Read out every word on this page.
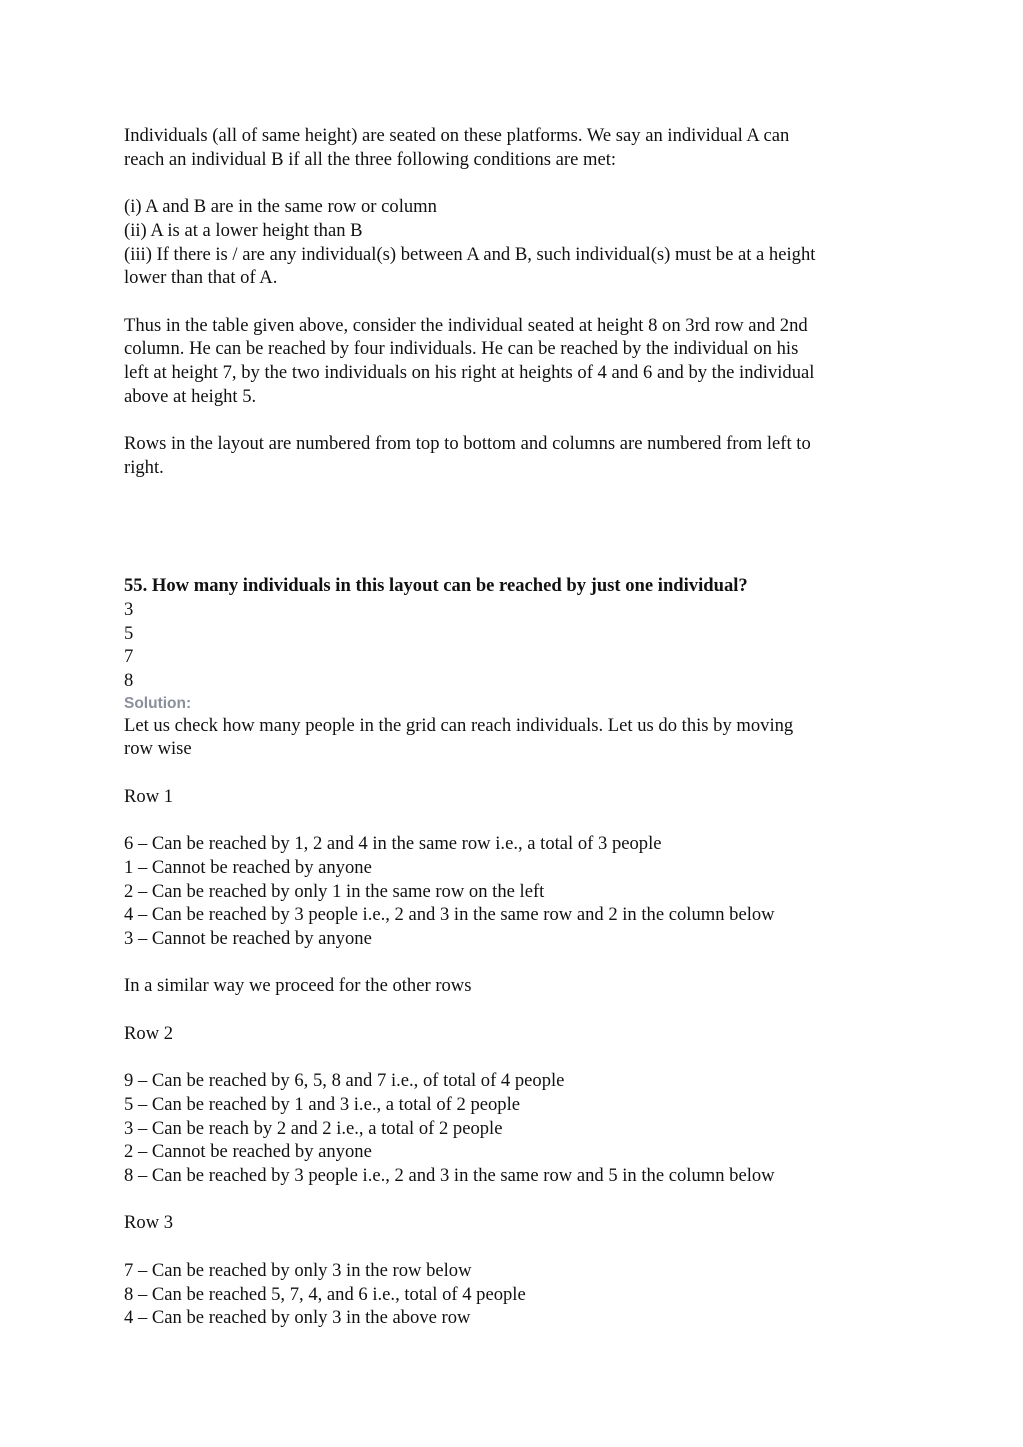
Individuals (all of same height) are seated on these platforms. We say an individual A can
reach an individual B if all the three following conditions are met:
(i) A and B are in the same row or column
(ii) A is at a lower height than B
(iii) If there is / are any individual(s) between A and B, such individual(s) must be at a height
lower than that of A.
Thus in the table given above, consider the individual seated at height 8 on 3rd row and 2nd
column. He can be reached by four individuals. He can be reached by the individual on his
left at height 7, by the two individuals on his right at heights of 4 and 6 and by the individual
above at height 5.
Rows in the layout are numbered from top to bottom and columns are numbered from left to
right.
55. How many individuals in this layout can be reached by just one individual?
3
5
7
8
Solution:
Let us check how many people in the grid can reach individuals. Let us do this by moving
row wise
Row 1
6 – Can be reached by 1, 2 and 4 in the same row i.e., a total of 3 people
1 – Cannot be reached by anyone
2 – Can be reached by only 1 in the same row on the left
4 – Can be reached by 3 people i.e., 2 and 3 in the same row and 2 in the column below
3 – Cannot be reached by anyone
In a similar way we proceed for the other rows
Row 2
9 – Can be reached by 6, 5, 8 and 7 i.e., of total of 4 people
5 – Can be reached by 1 and 3 i.e., a total of 2 people
3 – Can be reach by 2 and 2 i.e., a total of 2 people
2 – Cannot be reached by anyone
8 – Can be reached by 3 people i.e., 2 and 3 in the same row and 5 in the column below
Row 3
7 – Can be reached by only 3 in the row below
8 – Can be reached 5, 7, 4, and 6 i.e., total of 4 people
4 – Can be reached by only 3 in the above row
